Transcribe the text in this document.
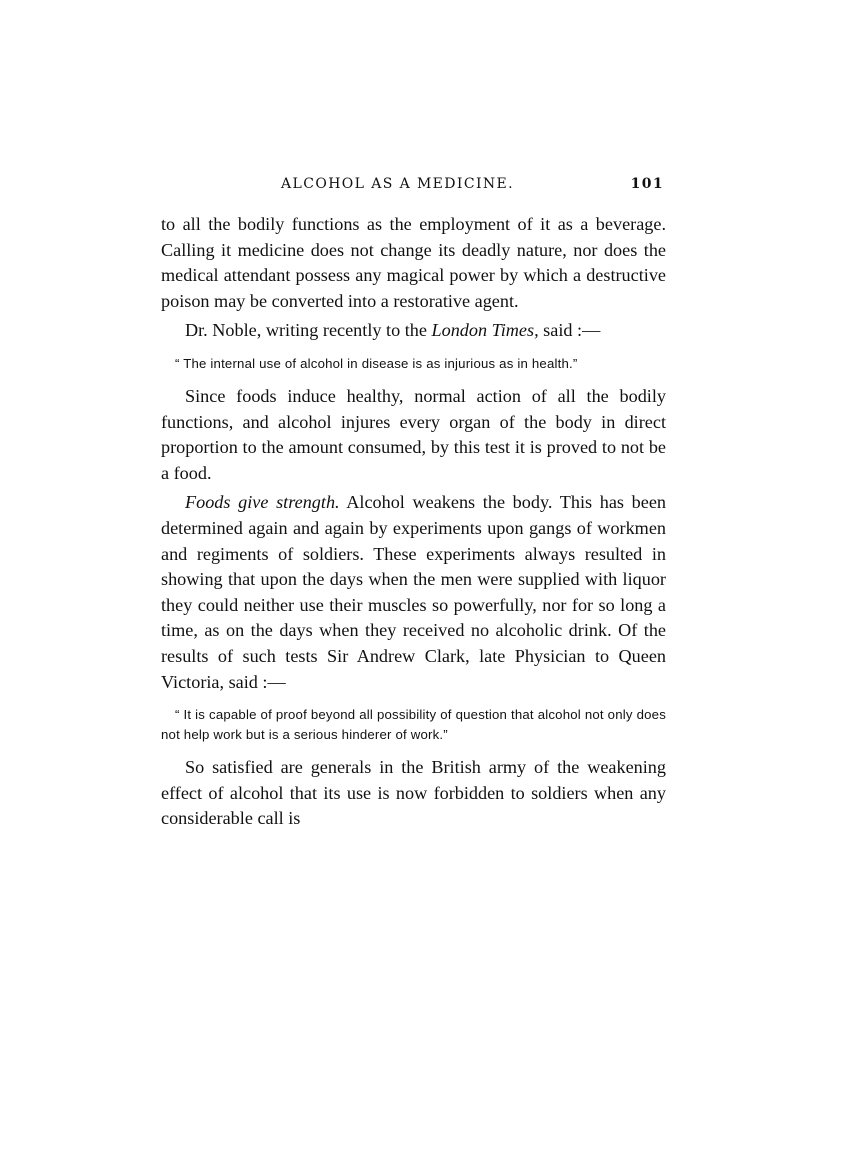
ALCOHOL AS A MEDICINE.	101

to all the bodily functions as the employment of it as a beverage. Calling it medicine does not change its deadly nature, nor does the medical attendant possess any magical power by which a destructive poison may be converted into a restorative agent.

Dr. Noble, writing recently to the London Times, said :—

“ The internal use of alcohol in disease is as injurious as in health.”

Since foods induce healthy, normal action of all the bodily functions, and alcohol injures every organ of the body in direct proportion to the amount consumed, by this test it is proved to not be a food.

Foods give strength. Alcohol weakens the body. This has been determined again and again by experiments upon gangs of workmen and regiments of soldiers. These experiments always resulted in showing that upon the days when the men were supplied with liquor they could neither use their muscles so powerfully, nor for so long a time, as on the days when they received no alcoholic drink. Of the results of such tests Sir Andrew Clark, late Physician to Queen Victoria, said :—

“ It is capable of proof beyond all possibility of question that alcohol not only does not help work but is a serious hinderer of work.”

So satisfied are generals in the British army of the weakening effect of alcohol that its use is now forbidden to soldiers when any considerable call is
